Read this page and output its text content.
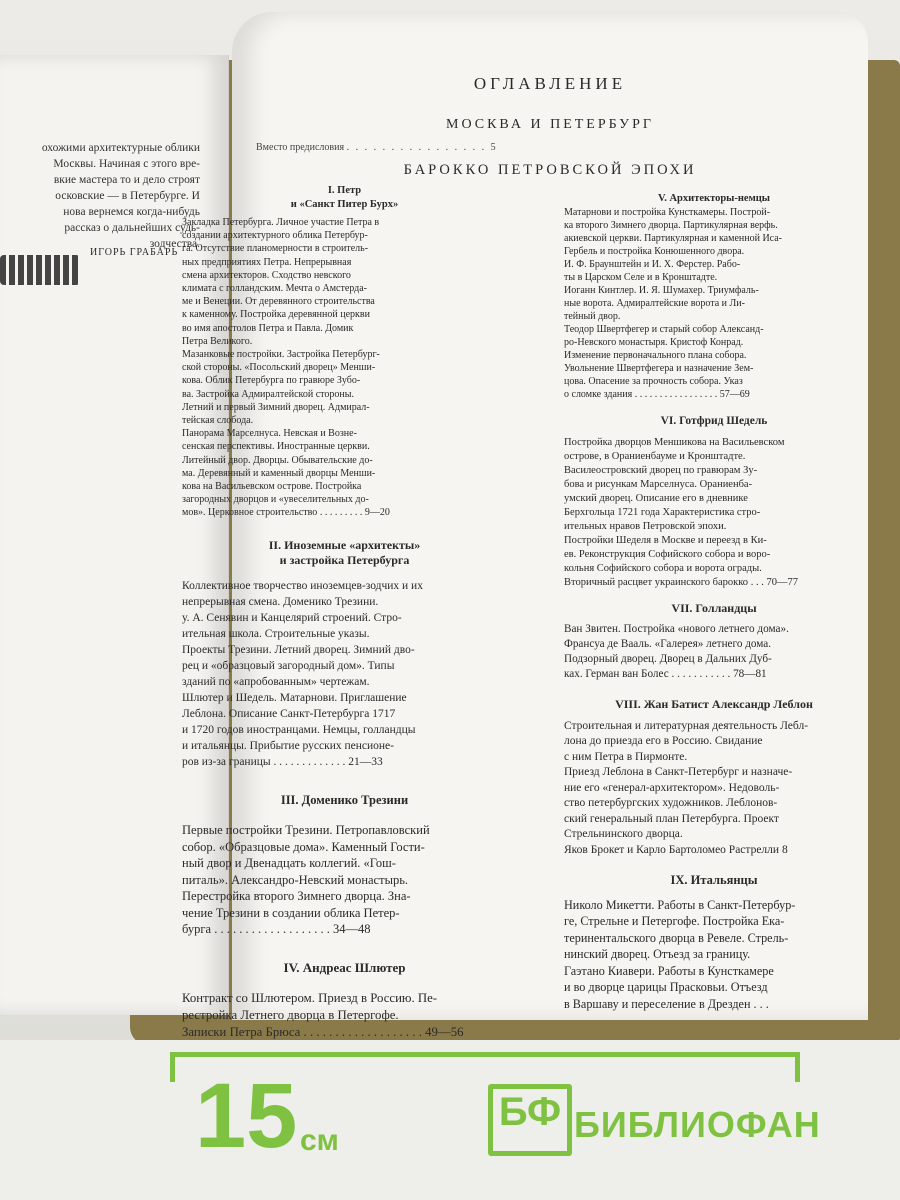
охожими архитектурные облики
Москвы. Начиная с этого вре-
вкие мастера то и дело строят
осковские — в Петербурге. И
нова вернемся когда-нибудь
рассказ о дальнейших судь-
зодчества.
ИГОРЬ ГРАБАРЬ
ОГЛАВЛЕНИЕ
МОСКВА И ПЕТЕРБУРГ
Вместо предисловия . . . . . . . . . . . . . . . . 5
БАРОККО ПЕТРОВСКОЙ ЭПОХИ

I. Петр

и «Санкт Питер Бурх»

Закладка Петербурга. Личное участие Петра в

создании архитектурного облика Петербур-

га. Отсутствие планомерности в строитель-

ных предприятиях Петра. Непрерывная

смена архитекторов. Сходство невского

климата с голландским. Мечта о Амстерда-

ме и Венеции. От деревянного строительства

к каменному. Постройка деревянной церкви

во имя апостолов Петра и Павла. Домик

Петра Великого.

Мазанковые постройки. Застройка Петербург-

ской стороны. «Посольский дворец» Менши-

кова. Облик Петербурга по гравюре Зубо-

ва. Застройка Адмиралтейской стороны.

Летний и первый Зимний дворец. Адмирал-

тейская слобода.

Панорама Марселнуса. Невская и Возне-

сенская перспективы. Иностранные церкви.

Литейный двор. Дворцы. Обывательские до-

ма. Деревянный и каменный дворцы Менши-

кова на Васильевском острове. Постройка

загородных дворцов и «увеселительных до-

мов». Церковное строительство . . . . . . . . . 9—20

II. Иноземные «архитекты»

и застройка Петербурга

Коллективное творчество иноземцев-зодчих и их

непрерывная смена. Доменико Трезини.

у. А. Сенявин и Канцелярий строений. Стро-

ительная школа. Строительные указы.

Проекты Трезини. Летний дворец. Зимний дво-

рец и «образцовый загородный дом». Типы

зданий по «апробованным» чертежам.

Шлютер и Шедель. Матарнови. Приглашение

Леблона. Описание Санкт-Петербурга 1717

и 1720 годов иностранцами. Немцы, голландцы

и итальянцы. Прибытие русских пенсионе-

ров из-за границы . . . . . . . . . . . . . 21—33

III. Доменико Трезини

Первые постройки Трезини. Петропавловский

собор. «Образцовые дома». Каменный Гости-

ный двор и Двенадцать коллегий. «Гош-

питаль». Александро-Невский монастырь.

Перестройка второго Зимнего дворца. Зна-

чение Трезини в создании облика Петер-

бурга . . . . . . . . . . . . . . . . . . . 34—48

IV. Андреас Шлютер

Контракт со Шлютером. Приезд в Россию. Пе-

рестройка Летнего дворца в Петергофе.

Записки Петра Брюса . . . . . . . . . . . . . . . . . . . 49—56

V. Архитекторы-немцы

Матарнови и постройка Кунсткамеры. Построй-

ка второго Зимнего дворца. Партикулярная верфь.

акиевской церкви. Партикулярная и каменной Иса-

Гербель и постройка Конюшенного двора.

И. Ф. Браунштейн и И. Х. Ферстер. Рабо-

ты в Царском Селе и в Кронштадте.

Иоганн Кинтлер. И. Я. Шумахер. Триумфаль-

ные ворота. Адмиралтейские ворота и Ли-

тейный двор.

Теодор Швертфегер и старый собор Александ-

ро-Невского монастыря. Кристоф Конрад.

Изменение первоначального плана собора.

Увольнение Швертфегера и назначение Зем-

цова. Опасение за прочность собора. Указ

о сломке здания . . . . . . . . . . . . . . . . . 57—69

VI. Готфрид Шедель

Постройка дворцов Меншикова на Васильевском

острове, в Ораниенбауме и Кронштадте.

Василеостровский дворец по гравюрам Зу-

бова и рисункам Марселнуса. Ораниенба-

умский дворец. Описание его в дневнике

Берхгольца 1721 года Характеристика стро-

ительных нравов Петровской эпохи.

Постройки Шеделя в Москве и переезд в Ки-

ев. Реконструкция Софийского собора и воро-

кольня Софийского собора и ворота ограды.

Вторичный расцвет украинского барокко . . . 70—77

VII. Голландцы

Ван Звитен. Постройка «нового летнего дома».

Франсуа де Вааль. «Галерея» летнего дома.

Подзорный дворец. Дворец в Дальних Дуб-

ках. Герман ван Болес . . . . . . . . . . . 78—81

VIII. Жан Батист Александр Леблон

Строительная и литературная деятельность Лебл-

лона до приезда его в Россию. Свидание

с ним Петра в Пирмонте.

Приезд Леблона в Санкт-Петербург и назначе-

ние его «генерал-архитектором». Недоволь-

ство петербургских художников. Леблонов-

ский генеральный план Петербурга. Проект

Стрельнинского дворца.

Яков Брокет и Карло Бартоломео Растрелли 8

IX. Итальянцы

Николо Микетти. Работы в Санкт-Петербур-

ге, Стрельне и Петергофе. Постройка Ека-

теринентальского дворца в Ревеле. Стрель-

нинский дворец. Отъезд за границу.

Гаэтано Киавери. Работы в Кунсткамере

и во дворце царицы Прасковьи. Отъезд

в Варшаву и переселение в Дрезден . . .

15 см
БФ БИБЛИОФАН
